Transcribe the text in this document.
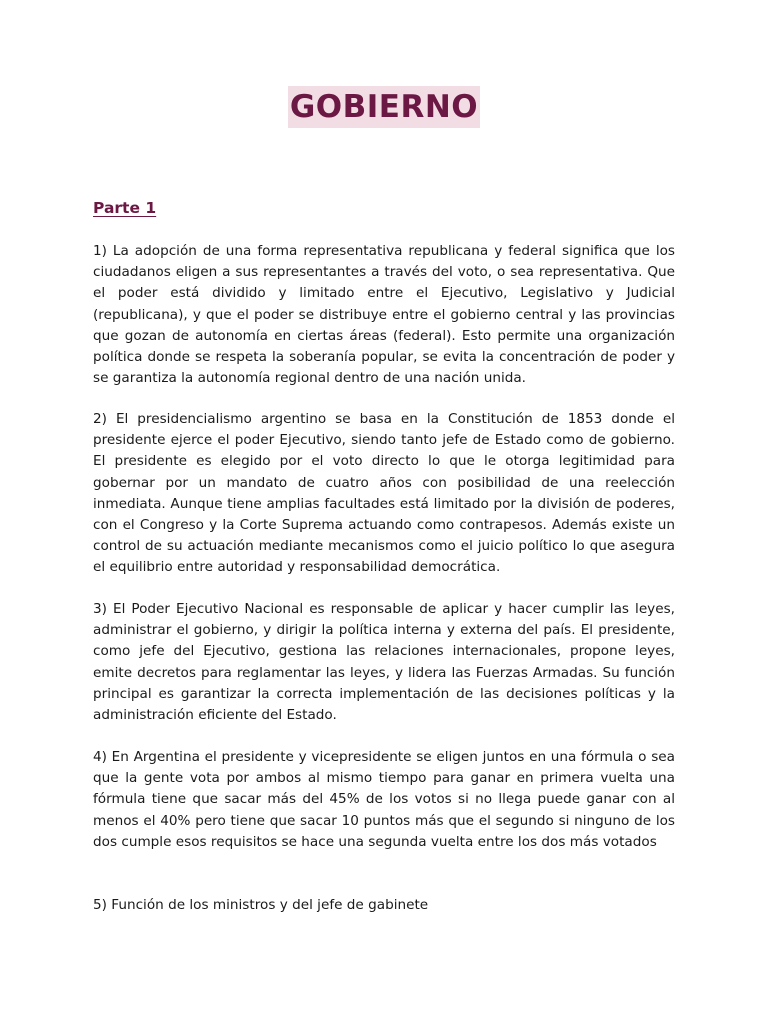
GOBIERNO
Parte 1

1) La adopción de una forma representativa republicana y federal significa que los ciudadanos eligen a sus representantes a través del voto, o sea representativa. Que el poder está dividido y limitado entre el Ejecutivo, Legislativo y Judicial (republicana), y que el poder se distribuye entre el gobierno central y las provincias que gozan de autonomía en ciertas áreas (federal). Esto permite una organización política donde se respeta la soberanía popular, se evita la concentración de poder y se garantiza la autonomía regional dentro de una nación unida.

2) El presidencialismo argentino se basa en la Constitución de 1853 donde el presidente ejerce el poder Ejecutivo, siendo tanto jefe de Estado como de gobierno. El presidente es elegido por el voto directo lo que le otorga legitimidad para gobernar por un mandato de cuatro años con posibilidad de una reelección inmediata. Aunque tiene amplias facultades está limitado por la división de poderes, con el Congreso y la Corte Suprema actuando como contrapesos. Además existe un control de su actuación mediante mecanismos como el juicio político lo que asegura el equilibrio entre autoridad y responsabilidad democrática.

3) El Poder Ejecutivo Nacional es responsable de aplicar y hacer cumplir las leyes, administrar el gobierno, y dirigir la política interna y externa del país. El presidente, como jefe del Ejecutivo, gestiona las relaciones internacionales, propone leyes, emite decretos para reglamentar las leyes, y lidera las Fuerzas Armadas. Su función principal es garantizar la correcta implementación de las decisiones políticas y la administración eficiente del Estado.

4) En Argentina el presidente y vicepresidente se eligen juntos en una fórmula o sea que la gente vota por ambos al mismo tiempo para ganar en primera vuelta una fórmula tiene que sacar más del 45% de los votos si no llega puede ganar con al menos el 40% pero tiene que sacar 10 puntos más que el segundo si ninguno de los dos cumple esos requisitos se hace una segunda vuelta entre los dos más votados

5) Función de los ministros y del jefe de gabinete
